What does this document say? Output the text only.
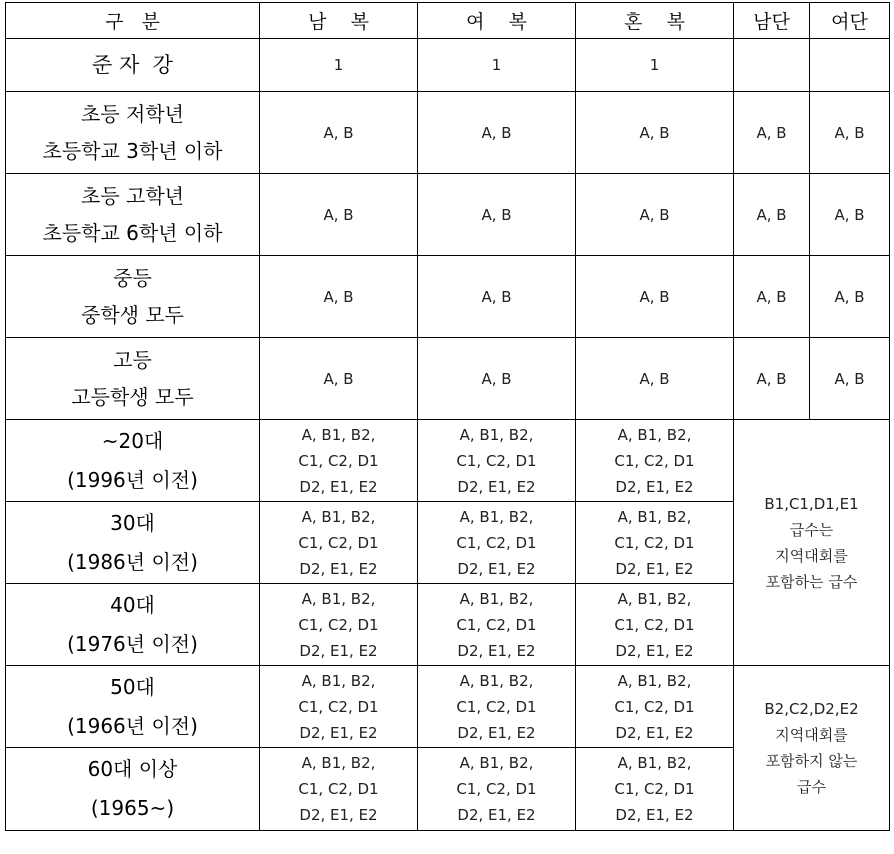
구   분	남    복	여    복	혼    복	남단	여단
준 자  강	1	1	1		

초등 저학년
초등학교 3학년 이하	A, B	A, B	A, B	A, B	A, B

초등 고학년
초등학교 6학년 이하	A, B	A, B	A, B	A, B	A, B

중등
중학생 모두	A, B	A, B	A, B	A, B	A, B

고등
고등학생 모두	A, B	A, B	A, B	A, B	A, B

~20대
(1996년 이전)	A, B1, B2,
C1, C2, D1
D2, E1, E2	A, B1, B2,
C1, C2, D1
D2, E1, E2	A, B1, B2,
C1, C2, D1
D2, E1, E2	B1,C1,D1,E1
급수는
지역대회를
포함하는 급수	

30대
(1986년 이전)	A, B1, B2,
C1, C2, D1
D2, E1, E2	A, B1, B2,
C1, C2, D1
D2, E1, E2	A, B1, B2,
C1, C2, D1
D2, E1, E2		

40대
(1976년 이전)	A, B1, B2,
C1, C2, D1
D2, E1, E2	A, B1, B2,
C1, C2, D1
D2, E1, E2	A, B1, B2,
C1, C2, D1
D2, E1, E2		

50대
(1966년 이전)	A, B1, B2,
C1, C2, D1
D2, E1, E2	A, B1, B2,
C1, C2, D1
D2, E1, E2	A, B1, B2,
C1, C2, D1
D2, E1, E2	B2,C2,D2,E2
지역대회를
포함하지 않는
급수	

60대 이상
(1965~)	A, B1, B2,
C1, C2, D1
D2, E1, E2	A, B1, B2,
C1, C2, D1
D2, E1, E2	A, B1, B2,
C1, C2, D1
D2, E1, E2		
